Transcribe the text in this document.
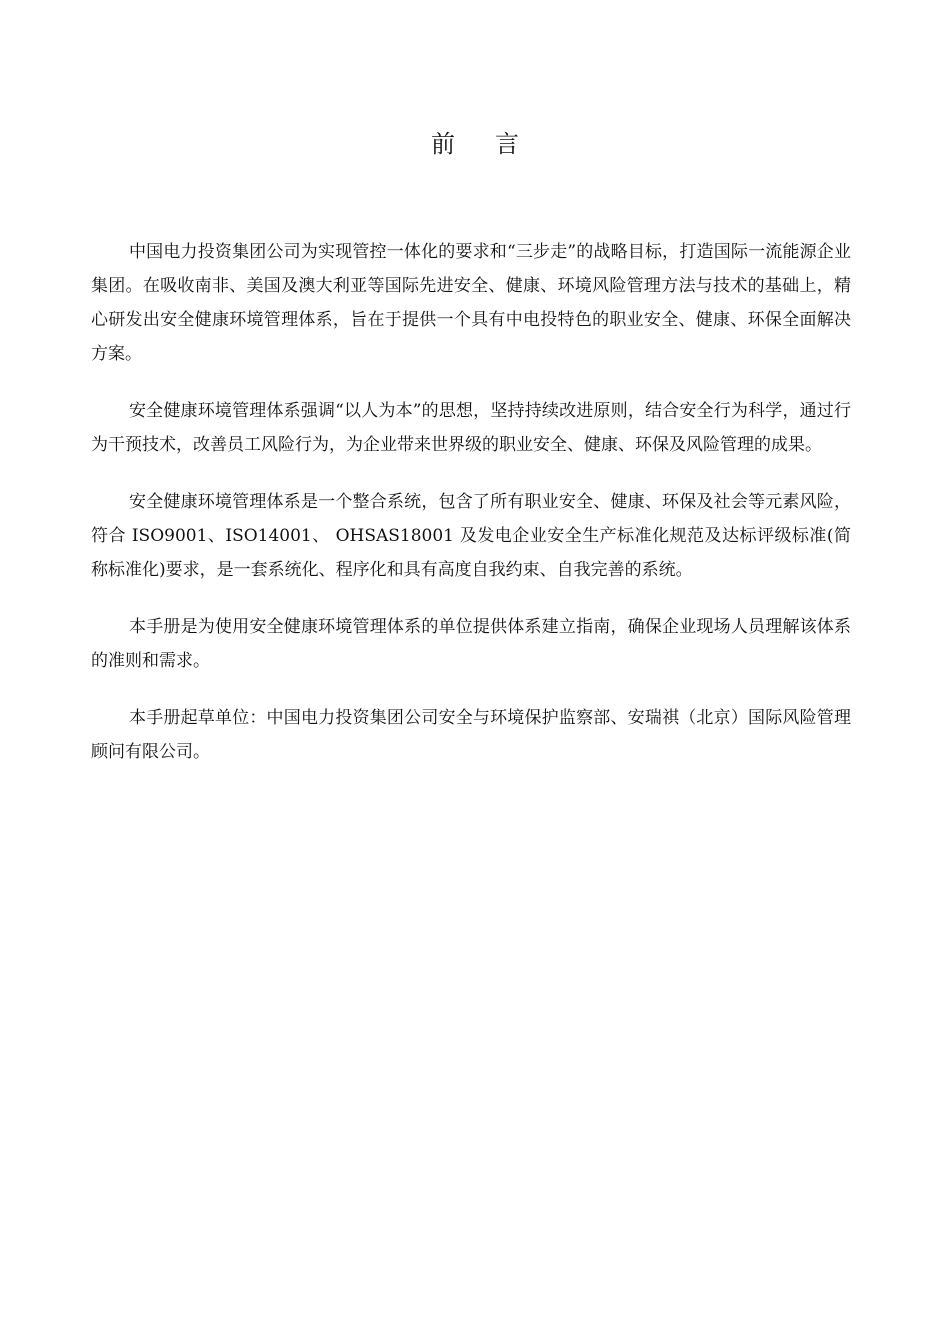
前 言

中国电力投资集团公司为实现管控一体化的要求和“三步走”的战略目标，打造国际一流能源企业集团。在吸收南非、美国及澳大利亚等国际先进安全、健康、环境风险管理方法与技术的基础上，精心研发出安全健康环境管理体系，旨在于提供一个具有中电投特色的职业安全、健康、环保全面解决方案。

安全健康环境管理体系强调“以人为本”的思想，坚持持续改进原则，结合安全行为科学，通过行为干预技术，改善员工风险行为，为企业带来世界级的职业安全、健康、环保及风险管理的成果。

安全健康环境管理体系是一个整合系统，包含了所有职业安全、健康、环保及社会等元素风险，符合 ISO9001、ISO14001、 OHSAS18001 及发电企业安全生产标准化规范及达标评级标准(简称标准化)要求，是一套系统化、程序化和具有高度自我约束、自我完善的系统。

本手册是为使用安全健康环境管理体系的单位提供体系建立指南，确保企业现场人员理解该体系的准则和需求。

本手册起草单位：中国电力投资集团公司安全与环境保护监察部、安瑞祺（北京）国际风险管理顾问有限公司。
